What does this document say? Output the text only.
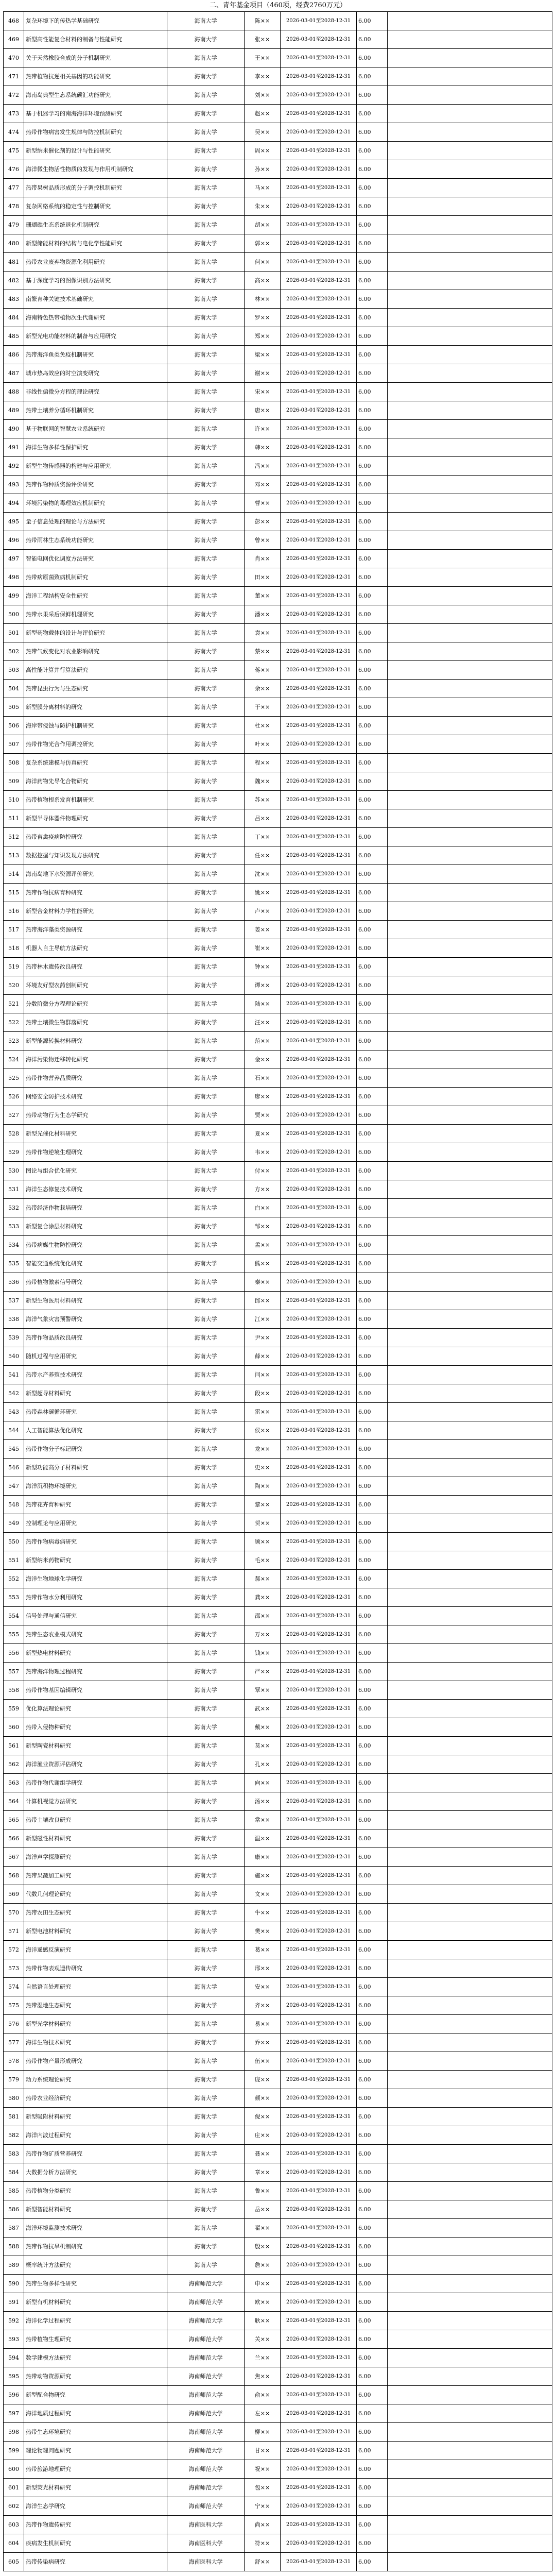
二、青年基金项目（460项，经费2760万元）
468	复杂环境下的传热学基础研究	海南大学	陈××	2026-03-01至2028-12-31	6.00	
469	新型高性能复合材料的制备与性能研究	海南大学	张××	2026-03-01至2028-12-31	6.00	
470	关于天然橡胶合成的分子机制研究	海南大学	王××	2026-03-01至2028-12-31	6.00	
471	热带植物抗逆相关基因的功能研究	海南大学	李××	2026-03-01至2028-12-31	6.00	
472	海南岛典型生态系统碳汇功能研究	海南大学	刘××	2026-03-01至2028-12-31	6.00	
473	基于机器学习的南海海洋环境预测研究	海南大学	赵××	2026-03-01至2028-12-31	6.00	
474	热带作物病害发生规律与防控机制研究	海南大学	吴××	2026-03-01至2028-12-31	6.00	
475	新型纳米催化剂的设计与性能研究	海南大学	周××	2026-03-01至2028-12-31	6.00	
476	海洋微生物活性物质的发现与作用机制研究	海南大学	孙××	2026-03-01至2028-12-31	6.00	
477	热带果树品质形成的分子调控机制研究	海南大学	马××	2026-03-01至2028-12-31	6.00	
478	复杂网络系统的稳定性与控制研究	海南大学	朱××	2026-03-01至2028-12-31	6.00	
479	珊瑚礁生态系统退化机制研究	海南大学	胡××	2026-03-01至2028-12-31	6.00	
480	新型储能材料的结构与电化学性能研究	海南大学	郭××	2026-03-01至2028-12-31	6.00	
481	热带农业废弃物资源化利用研究	海南大学	何××	2026-03-01至2028-12-31	6.00	
482	基于深度学习的图像识别方法研究	海南大学	高××	2026-03-01至2028-12-31	6.00	
483	南繁育种关键技术基础研究	海南大学	林××	2026-03-01至2028-12-31	6.00	
484	海南特色热带植物次生代谢研究	海南大学	罗××	2026-03-01至2028-12-31	6.00	
485	新型光电功能材料的制备与应用研究	海南大学	郑××	2026-03-01至2028-12-31	6.00	
486	热带海洋鱼类免疫机制研究	海南大学	梁××	2026-03-01至2028-12-31	6.00	
487	城市热岛效应的时空演变研究	海南大学	谢××	2026-03-01至2028-12-31	6.00	
488	非线性偏微分方程的理论研究	海南大学	宋××	2026-03-01至2028-12-31	6.00	
489	热带土壤养分循环机制研究	海南大学	唐××	2026-03-01至2028-12-31	6.00	
490	基于物联网的智慧农业系统研究	海南大学	许××	2026-03-01至2028-12-31	6.00	
491	海洋生物多样性保护研究	海南大学	韩××	2026-03-01至2028-12-31	6.00	
492	新型生物传感器的构建与应用研究	海南大学	冯××	2026-03-01至2028-12-31	6.00	
493	热带作物种质资源评价研究	海南大学	邓××	2026-03-01至2028-12-31	6.00	
494	环境污染物的毒理效应机制研究	海南大学	曹××	2026-03-01至2028-12-31	6.00	
495	量子信息处理的理论与方法研究	海南大学	彭××	2026-03-01至2028-12-31	6.00	
496	热带雨林生态系统功能研究	海南大学	曾××	2026-03-01至2028-12-31	6.00	
497	智能电网优化调度方法研究	海南大学	肖××	2026-03-01至2028-12-31	6.00	
498	热带病原菌致病机制研究	海南大学	田××	2026-03-01至2028-12-31	6.00	
499	海洋工程结构安全性研究	海南大学	董××	2026-03-01至2028-12-31	6.00	
500	热带水果采后保鲜机理研究	海南大学	潘××	2026-03-01至2028-12-31	6.00	
501	新型药物载体的设计与评价研究	海南大学	袁××	2026-03-01至2028-12-31	6.00	
502	热带气候变化对农业影响研究	海南大学	蔡××	2026-03-01至2028-12-31	6.00	
503	高性能计算并行算法研究	海南大学	蒋××	2026-03-01至2028-12-31	6.00	
504	热带昆虫行为与生态研究	海南大学	余××	2026-03-01至2028-12-31	6.00	
505	新型膜分离材料的研究	海南大学	于××	2026-03-01至2028-12-31	6.00	
506	海岸带侵蚀与防护机制研究	海南大学	杜××	2026-03-01至2028-12-31	6.00	
507	热带作物光合作用调控研究	海南大学	叶××	2026-03-01至2028-12-31	6.00	
508	复杂系统建模与仿真研究	海南大学	程××	2026-03-01至2028-12-31	6.00	
509	海洋药物先导化合物研究	海南大学	魏××	2026-03-01至2028-12-31	6.00	
510	热带植物根系发育机制研究	海南大学	苏××	2026-03-01至2028-12-31	6.00	
511	新型半导体器件物理研究	海南大学	吕××	2026-03-01至2028-12-31	6.00	
512	热带畜禽疫病防控研究	海南大学	丁××	2026-03-01至2028-12-31	6.00	
513	数据挖掘与知识发现方法研究	海南大学	任××	2026-03-01至2028-12-31	6.00	
514	海南岛地下水资源评价研究	海南大学	沈××	2026-03-01至2028-12-31	6.00	
515	热带作物抗病育种研究	海南大学	姚××	2026-03-01至2028-12-31	6.00	
516	新型合金材料力学性能研究	海南大学	卢××	2026-03-01至2028-12-31	6.00	
517	热带海洋藻类资源研究	海南大学	姜××	2026-03-01至2028-12-31	6.00	
518	机器人自主导航方法研究	海南大学	崔××	2026-03-01至2028-12-31	6.00	
519	热带林木遗传改良研究	海南大学	钟××	2026-03-01至2028-12-31	6.00	
520	环境友好型农药创制研究	海南大学	谭××	2026-03-01至2028-12-31	6.00	
521	分数阶微分方程理论研究	海南大学	陆××	2026-03-01至2028-12-31	6.00	
522	热带土壤微生物群落研究	海南大学	汪××	2026-03-01至2028-12-31	6.00	
523	新型能源转换材料研究	海南大学	范××	2026-03-01至2028-12-31	6.00	
524	海洋污染物迁移转化研究	海南大学	金××	2026-03-01至2028-12-31	6.00	
525	热带作物营养品质研究	海南大学	石××	2026-03-01至2028-12-31	6.00	
526	网络安全防护技术研究	海南大学	廖××	2026-03-01至2028-12-31	6.00	
527	热带动物行为生态学研究	海南大学	贾××	2026-03-01至2028-12-31	6.00	
528	新型光催化材料研究	海南大学	夏××	2026-03-01至2028-12-31	6.00	
529	热带作物逆境生理研究	海南大学	韦××	2026-03-01至2028-12-31	6.00	
530	图论与组合优化研究	海南大学	付××	2026-03-01至2028-12-31	6.00	
531	海洋生态修复技术研究	海南大学	方××	2026-03-01至2028-12-31	6.00	
532	热带经济作物栽培研究	海南大学	白××	2026-03-01至2028-12-31	6.00	
533	新型复合涂层材料研究	海南大学	邹××	2026-03-01至2028-12-31	6.00	
534	热带病媒生物防控研究	海南大学	孟××	2026-03-01至2028-12-31	6.00	
535	智能交通系统优化研究	海南大学	熊××	2026-03-01至2028-12-31	6.00	
536	热带植物激素信号研究	海南大学	秦××	2026-03-01至2028-12-31	6.00	
537	新型生物医用材料研究	海南大学	邱××	2026-03-01至2028-12-31	6.00	
538	海洋气象灾害预警研究	海南大学	江××	2026-03-01至2028-12-31	6.00	
539	热带作物品质改良研究	海南大学	尹××	2026-03-01至2028-12-31	6.00	
540	随机过程与应用研究	海南大学	薛××	2026-03-01至2028-12-31	6.00	
541	热带水产养殖技术研究	海南大学	闫××	2026-03-01至2028-12-31	6.00	
542	新型超导材料研究	海南大学	段××	2026-03-01至2028-12-31	6.00	
543	热带森林碳循环研究	海南大学	雷××	2026-03-01至2028-12-31	6.00	
544	人工智能算法优化研究	海南大学	侯××	2026-03-01至2028-12-31	6.00	
545	热带作物分子标记研究	海南大学	龙××	2026-03-01至2028-12-31	6.00	
546	新型功能高分子材料研究	海南大学	史××	2026-03-01至2028-12-31	6.00	
547	海洋沉积物环境研究	海南大学	陶××	2026-03-01至2028-12-31	6.00	
548	热带花卉育种研究	海南大学	黎××	2026-03-01至2028-12-31	6.00	
549	控制理论与应用研究	海南大学	贺××	2026-03-01至2028-12-31	6.00	
550	热带作物病毒病研究	海南大学	顾××	2026-03-01至2028-12-31	6.00	
551	新型纳米药物研究	海南大学	毛××	2026-03-01至2028-12-31	6.00	
552	海洋生物地球化学研究	海南大学	郝××	2026-03-01至2028-12-31	6.00	
553	热带作物水分利用研究	海南大学	龚××	2026-03-01至2028-12-31	6.00	
554	信号处理与通信研究	海南大学	邵××	2026-03-01至2028-12-31	6.00	
555	热带生态农业模式研究	海南大学	万××	2026-03-01至2028-12-31	6.00	
556	新型热电材料研究	海南大学	钱××	2026-03-01至2028-12-31	6.00	
557	热带海洋物理过程研究	海南大学	严××	2026-03-01至2028-12-31	6.00	
558	热带作物基因编辑研究	海南大学	覃××	2026-03-01至2028-12-31	6.00	
559	优化算法理论研究	海南大学	武××	2026-03-01至2028-12-31	6.00	
560	热带入侵物种研究	海南大学	戴××	2026-03-01至2028-12-31	6.00	
561	新型陶瓷材料研究	海南大学	莫××	2026-03-01至2028-12-31	6.00	
562	海洋渔业资源评估研究	海南大学	孔××	2026-03-01至2028-12-31	6.00	
563	热带作物代谢组学研究	海南大学	向××	2026-03-01至2028-12-31	6.00	
564	计算机视觉方法研究	海南大学	汤××	2026-03-01至2028-12-31	6.00	
565	热带土壤改良研究	海南大学	常××	2026-03-01至2028-12-31	6.00	
566	新型磁性材料研究	海南大学	温××	2026-03-01至2028-12-31	6.00	
567	海洋声学探测研究	海南大学	康××	2026-03-01至2028-12-31	6.00	
568	热带果蔬加工研究	海南大学	施××	2026-03-01至2028-12-31	6.00	
569	代数几何理论研究	海南大学	文××	2026-03-01至2028-12-31	6.00	
570	热带农田生态研究	海南大学	牛××	2026-03-01至2028-12-31	6.00	
571	新型电池材料研究	海南大学	樊××	2026-03-01至2028-12-31	6.00	
572	海洋遥感反演研究	海南大学	葛××	2026-03-01至2028-12-31	6.00	
573	热带作物表观遗传研究	海南大学	邢××	2026-03-01至2028-12-31	6.00	
574	自然语言处理研究	海南大学	安××	2026-03-01至2028-12-31	6.00	
575	热带湿地生态研究	海南大学	齐××	2026-03-01至2028-12-31	6.00	
576	新型光学材料研究	海南大学	易××	2026-03-01至2028-12-31	6.00	
577	海洋生物技术研究	海南大学	乔××	2026-03-01至2028-12-31	6.00	
578	热带作物产量形成研究	海南大学	伍××	2026-03-01至2028-12-31	6.00	
579	动力系统理论研究	海南大学	庞××	2026-03-01至2028-12-31	6.00	
580	热带农业经济研究	海南大学	颜××	2026-03-01至2028-12-31	6.00	
581	新型吸附材料研究	海南大学	倪××	2026-03-01至2028-12-31	6.00	
582	海洋内波过程研究	海南大学	庄××	2026-03-01至2028-12-31	6.00	
583	热带作物矿质营养研究	海南大学	聂××	2026-03-01至2028-12-31	6.00	
584	大数据分析方法研究	海南大学	章××	2026-03-01至2028-12-31	6.00	
585	热带植物分类研究	海南大学	鲁××	2026-03-01至2028-12-31	6.00	
586	新型智能材料研究	海南大学	岳××	2026-03-01至2028-12-31	6.00	
587	海洋环境监测技术研究	海南大学	翟××	2026-03-01至2028-12-31	6.00	
588	热带作物抗旱机制研究	海南大学	殷××	2026-03-01至2028-12-31	6.00	
589	概率统计方法研究	海南大学	詹××	2026-03-01至2028-12-31	6.00	
590	热带生物多样性研究	海南师范大学	申××	2026-03-01至2028-12-31	6.00	
591	新型有机材料研究	海南师范大学	欧××	2026-03-01至2028-12-31	6.00	
592	海洋化学过程研究	海南师范大学	耿××	2026-03-01至2028-12-31	6.00	
593	热带植物生理研究	海南师范大学	关××	2026-03-01至2028-12-31	6.00	
594	数学建模方法研究	海南师范大学	兰××	2026-03-01至2028-12-31	6.00	
595	热带动物资源研究	海南师范大学	焦××	2026-03-01至2028-12-31	6.00	
596	新型配合物研究	海南师范大学	俞××	2026-03-01至2028-12-31	6.00	
597	海洋地质过程研究	海南师范大学	左××	2026-03-01至2028-12-31	6.00	
598	热带生态环境研究	海南师范大学	柳××	2026-03-01至2028-12-31	6.00	
599	理论物理问题研究	海南师范大学	甘××	2026-03-01至2028-12-31	6.00	
600	热带旅游地理研究	海南师范大学	祝××	2026-03-01至2028-12-31	6.00	
601	新型荧光材料研究	海南师范大学	包××	2026-03-01至2028-12-31	6.00	
602	海洋生态学研究	海南师范大学	宁××	2026-03-01至2028-12-31	6.00	
603	热带作物遗传研究	海南医科大学	尚××	2026-03-01至2028-12-31	6.00	
604	疾病发生机制研究	海南医科大学	符××	2026-03-01至2028-12-31	6.00	
605	热带传染病研究	海南医科大学	舒××	2026-03-01至2028-12-31	6.00	
